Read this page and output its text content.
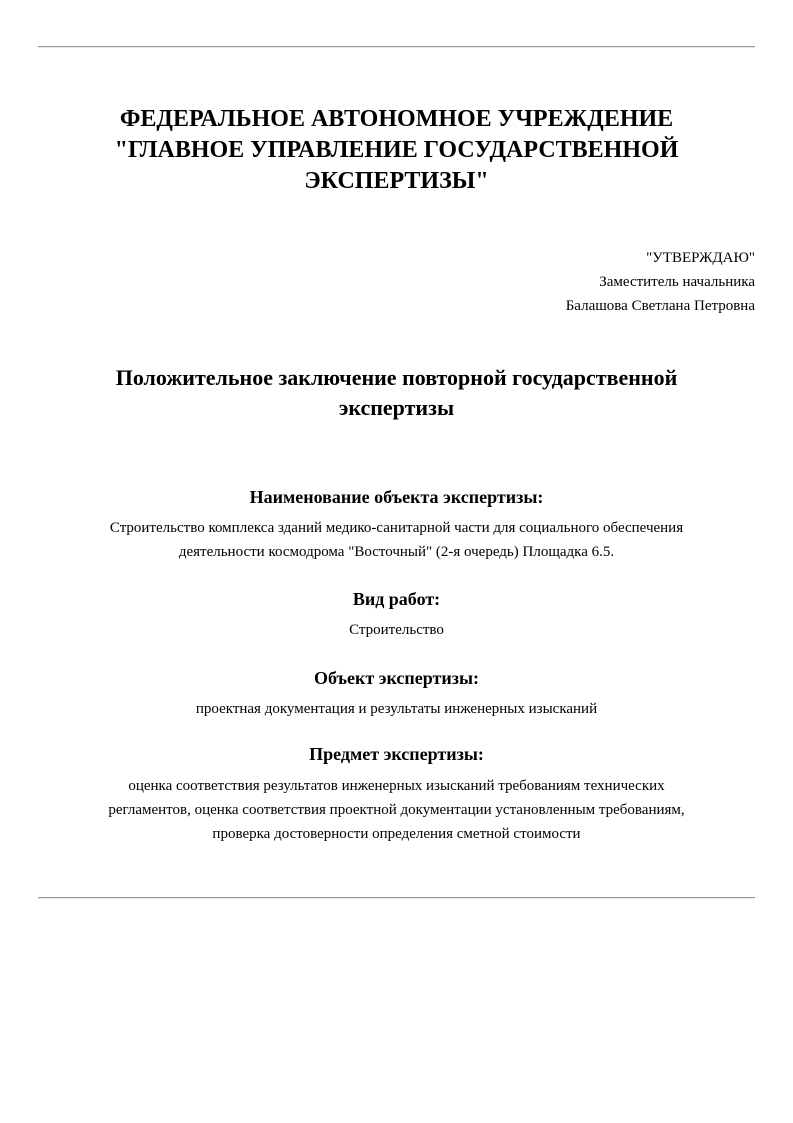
ФЕДЕРАЛЬНОЕ АВТОНОМНОЕ УЧРЕЖДЕНИЕ
"ГЛАВНОЕ УПРАВЛЕНИЕ ГОСУДАРСТВЕННОЙ
ЭКСПЕРТИЗЫ"
"УТВЕРЖДАЮ"
Заместитель начальника
Балашова Светлана Петровна
Положительное заключение повторной государственной
экспертизы
Наименование объекта экспертизы:
Строительство комплекса зданий медико-санитарной части для социального обеспечения
деятельности космодрома "Восточный" (2-я очередь) Площадка 6.5.
Вид работ:
Строительство
Объект экспертизы:
проектная документация и результаты инженерных изысканий
Предмет экспертизы:
оценка соответствия результатов инженерных изысканий требованиям технических
регламентов, оценка соответствия проектной документации установленным требованиям,
проверка достоверности определения сметной стоимости
